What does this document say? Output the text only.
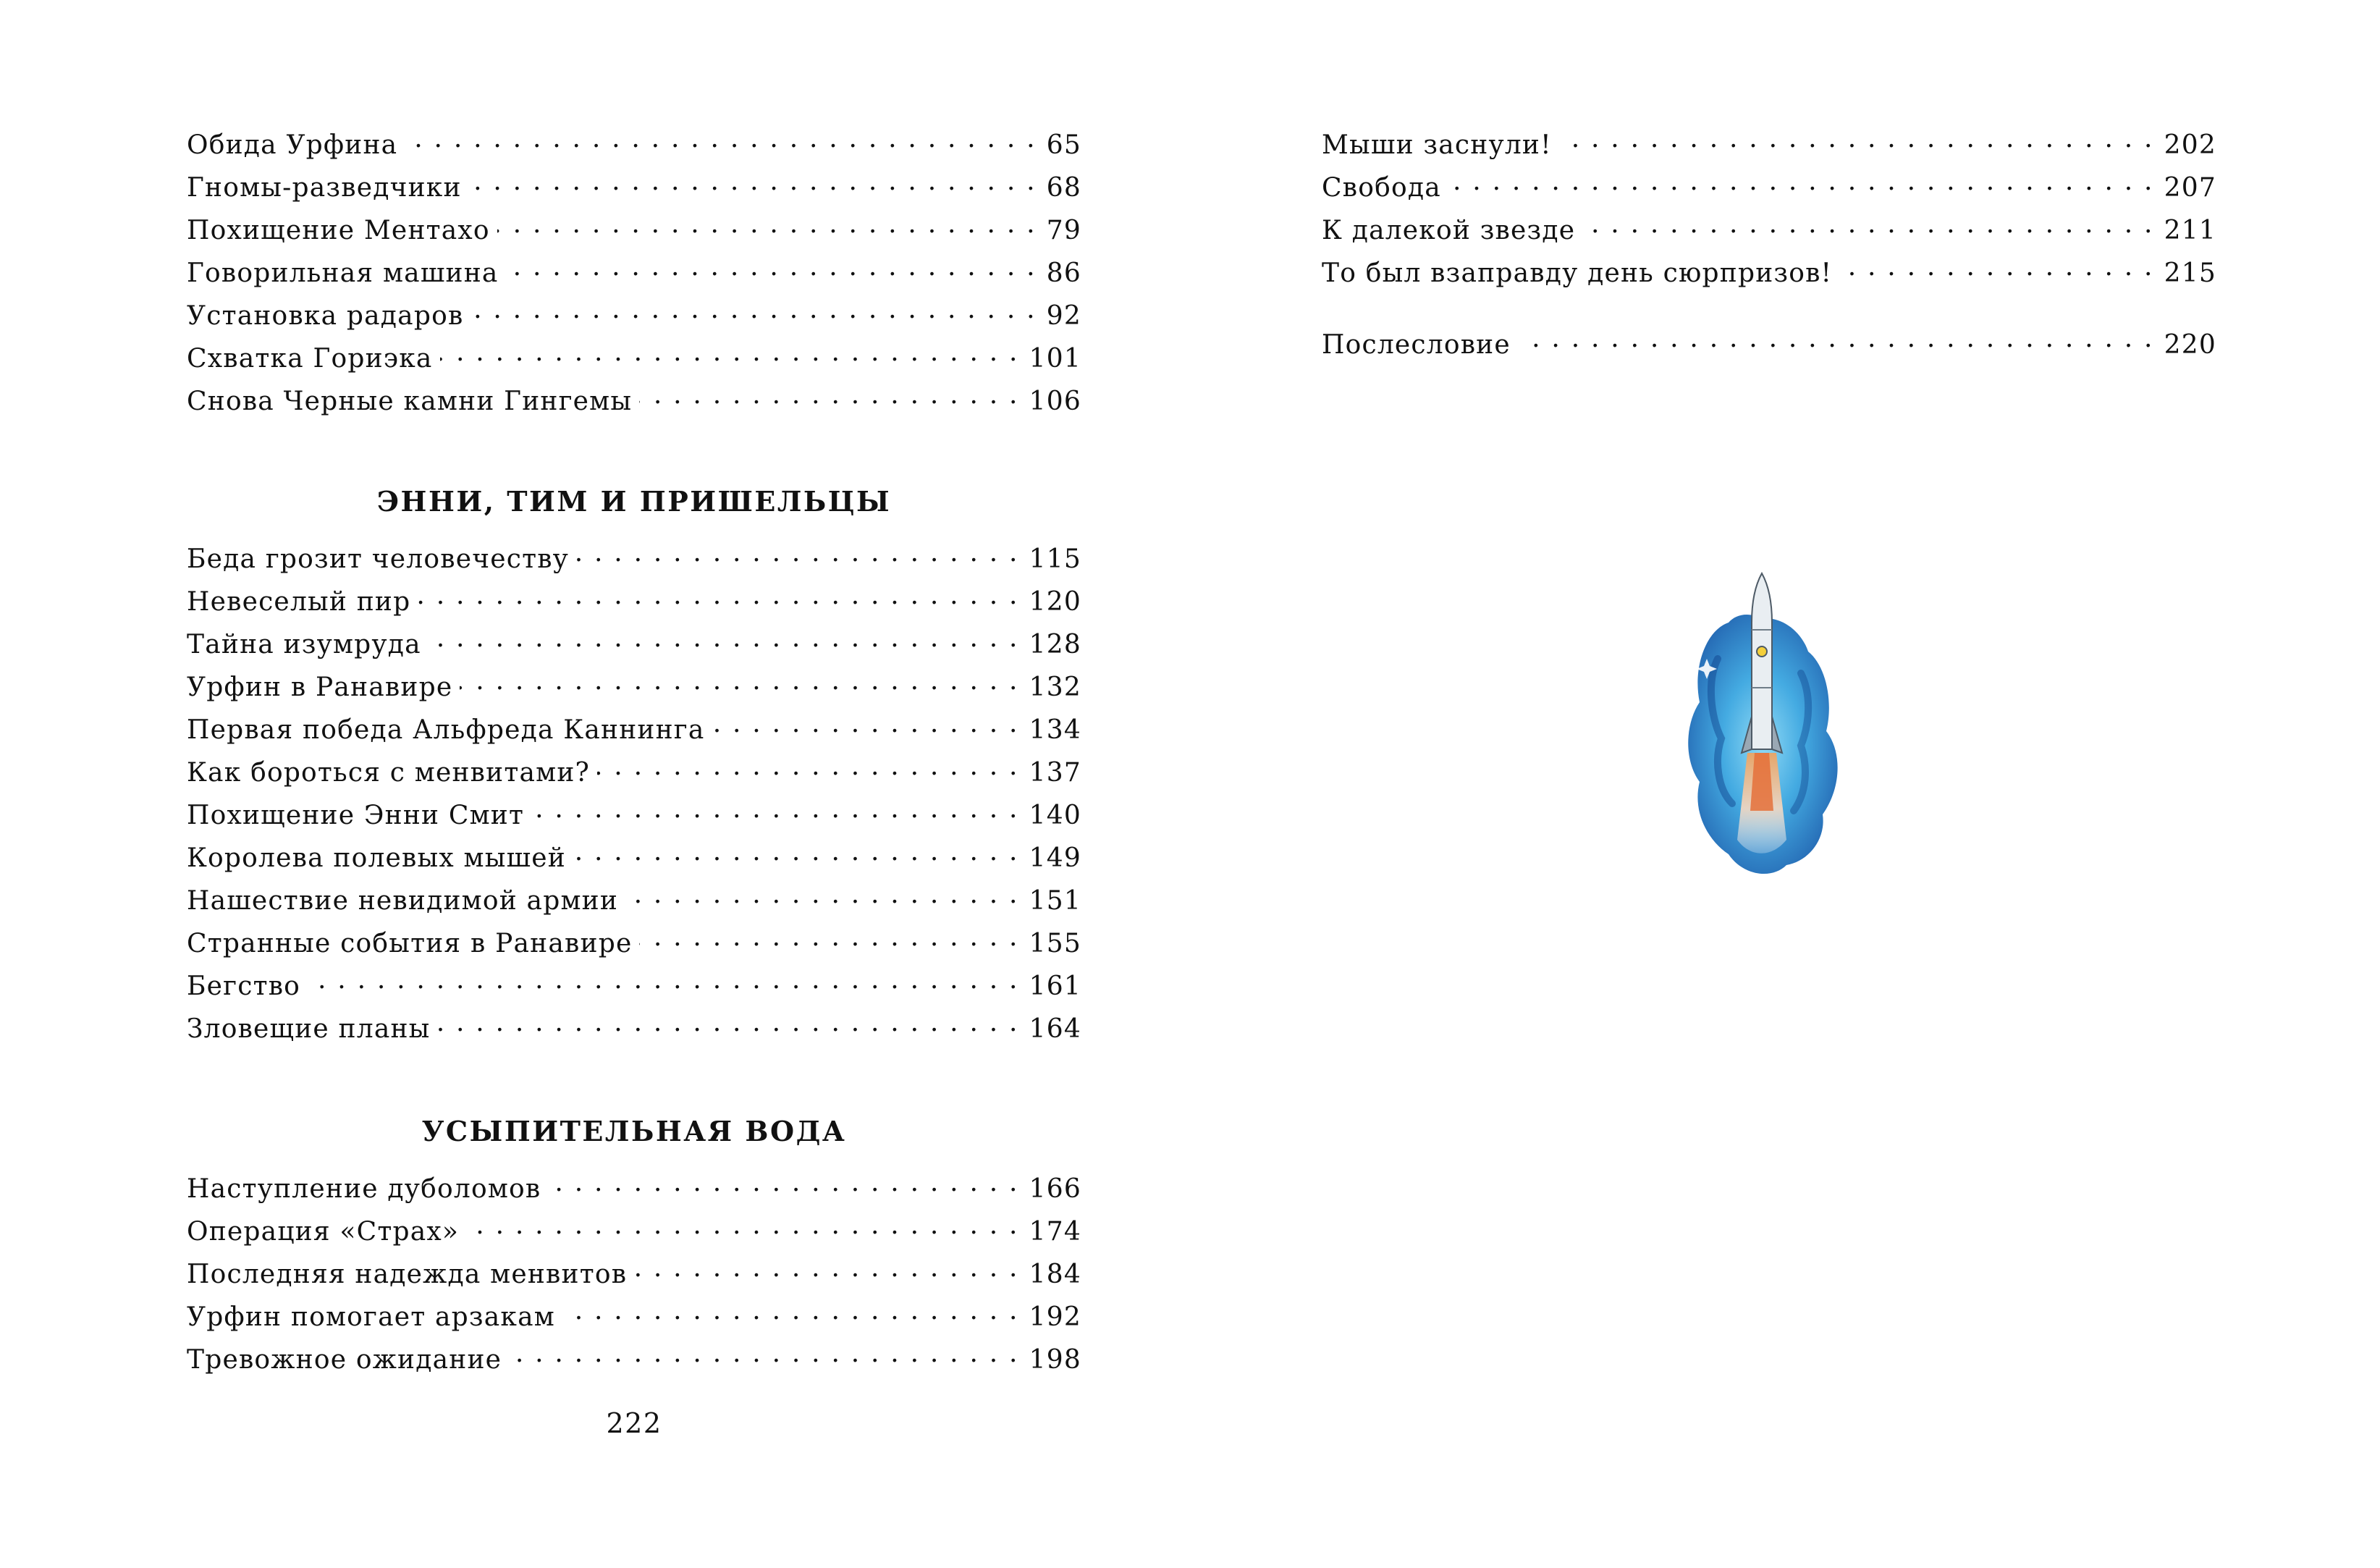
Обида Урфина . . .	65
Гномы-разведчики . . .	68
Похищение Ментахо . . .	79
Говорильная машина . . .	86
Установка радаров . . .	92
Схватка Гориэка . . .	101
Снова Черные камни Гингемы . . .	106
ЭННИ, ТИМ И ПРИШЕЛЬЦЫ
Беда грозит человечеству . . .	115
Невеселый пир . . .	120
Тайна изумруда . . .	128
Урфин в Ранавире . . .	132
Первая победа Альфреда Каннинга . . .	134
Как бороться с менвитами? . . .	137
Похищение Энни Смит . . .	140
Королева полевых мышей . . .	149
Нашествие невидимой армии . . .	151
Странные события в Ранавире . . .	155
Бегство . . .	161
Зловещие планы . . .	164
УСЫПИТЕЛЬНАЯ ВОДА
Наступление дуболомов . . .	166
Операция «Страх» . . .	174
Последняя надежда менвитов . . .	184
Урфин помогает арзакам . . .	192
Тревожное ожидание . . .	198
222
Мыши заснули! . . .	202
Свобода . . .	207
К далекой звезде . . .	211
То был взаправду день сюрпризов! . . .	215
Послесловие . . .	220
